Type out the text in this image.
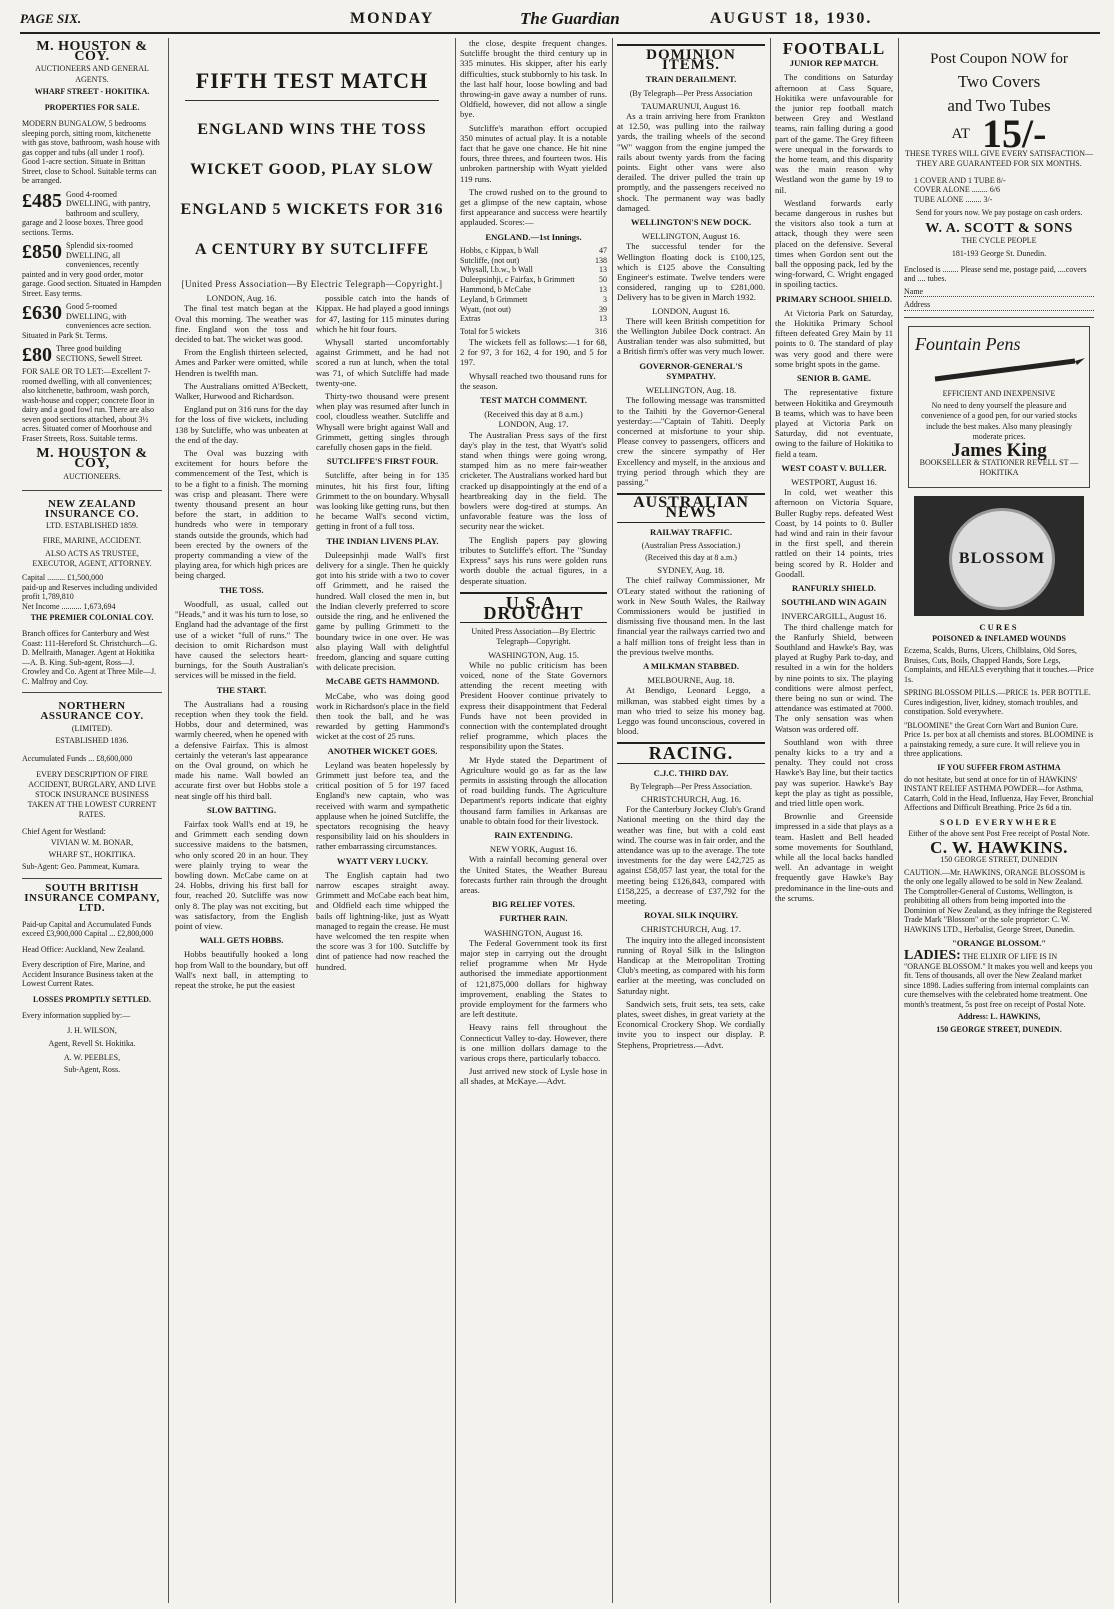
PAGE SIX.	MONDAY	The Guardian	AUGUST 18, 1930.
M. HOUSTON & COY.
AUCTIONEERS AND GENERAL AGENTS.
WHARF STREET - HOKITIKA.
PROPERTIES FOR SALE.
MODERN BUNGALOW, 5 bedrooms sleeping porch, sitting room, kitchenette with gas stove, bathroom, wash house with gas copper and tubs (all under 1 roof). Good 1-acre section. Situate in Brittan Street, close to School. Suitable terms can be arranged.
£485 Good 4-roomed DWELLING, with pantry, bathroom and scullery, garage and 2 loose boxes. Three good sections. Terms.
£850 Splendid six-roomed DWELLING, all conveniences, recently painted and in very good order, motor garage. Good section. Situated in Hampden Street. Easy terms.
£630 Good 5-roomed DWELLING, with conveniences acre section. Situated in Park St. Terms.
£80 Three good building SECTIONS, Sewell Street.
FOR SALE OR TO LET:—Excellent 7-roomed dwelling, with all conveniences; also kitchenette, bathroom, wash porch, wash-house and copper; concrete floor in dairy and a good fowl run. There are also seven good sections attached, about 3½ acres. Situated corner of Moorhouse and Fraser Streets, Ross. Suitable terms.
M. HOUSTON & COY,
AUCTIONEERS.
NEW ZEALAND INSURANCE CO.
LTD. ESTABLISHED 1859.
FIRE, MARINE, ACCIDENT.
ALSO ACTS AS TRUSTEE, EXECUTOR, AGENT, ATTORNEY.
Capital ......... £1,500,000
paid-up and Reserves including undivided profit 1,789,810
Net Income .......... 1,673,694
THE PREMIER COLONIAL COY.
Branch offices for Canterbury and West Coast: 111-Hereford St. Christchurch—G. D. Mellraith, Manager. Agent at Hokitika—A. B. King. Sub-agent, Ross—J. Crowley and Co. Agent at Three Mile—J. C. Malfroy and Coy.
NORTHERN ASSURANCE COY.
(LIMITED).
ESTABLISHED 1836.
Accumulated Funds ... £8,600,000
EVERY DESCRIPTION OF FIRE ACCIDENT, BURGLARY, AND LIVE STOCK INSURANCE BUSINESS TAKEN AT THE LOWEST CURRENT RATES.
Chief Agent for Westland:
VIVIAN W. M. BONAR,
WHARF ST., HOKITIKA.
Sub-Agent: Geo. Pammeat, Kumara.
SOUTH BRITISH INSURANCE COMPANY, LTD.
Paid-up Capital and Accumulated Funds exceed £3,900,000 Capital ... £2,800,000
Head Office: Auckland, New Zealand.
Every description of Fire, Marine, and Accident Insurance Business taken at the Lowest Current Rates.
LOSSES PROMPTLY SETTLED.
Every information supplied by:—
J. H. WILSON,
Agent, Revell St. Hokitika.
A. W. PEEBLES,
Sub-Agent, Ross.
FIFTH TEST MATCH
ENGLAND WINS THE TOSS
WICKET GOOD, PLAY SLOW
ENGLAND 5 WICKETS FOR 316
A CENTURY BY SUTCLIFFE
[United Press Association—By Electric Telegraph—Copyright.]
LONDON, Aug. 16.

The final test match began at the Oval this morning. The weather was fine. England won the toss and decided to bat. The wicket was good.

From the English thirteen selected, Ames and Parker were omitted, while Hendren is twelfth man.

The Australians omitted A'Beckett, Walker, Hurwood and Richardson.

England put on 316 runs for the day for the loss of five wickets, including 138 by Sutcliffe, who was unbeaten at the end of the day.

The Oval was buzzing with excitement for hours before the commencement of the Test, which is to be a fight to a finish. The morning was crisp and pleasant. There were twenty thousand present an hour before the start, in addition to hundreds who were in temporary stands outside the grounds, which had been erected by the owners of the property commanding a view of the playing area, for which high prices are being charged.

THE TOSS.

Woodfull, as usual, called out "Heads," and it was his turn to lose, so England had the advantage of the first use of a wicket "full of runs." The decision to omit Richardson must have caused the selectors heart-burnings, for the South Australian's services will be missed in the field.

THE START.

The Australians had a rousing reception when they took the field. Hobbs, dour and determined, was warmly cheered, when he opened with a defensive Fairfax. This is almost certainly the veteran's last appearance on the Oval ground, on which he made his name. Wall bowled an accurate first over but Hobbs stole a neat single off his third ball.

SLOW BATTING.

Fairfax took Wall's end at 19, he and Grimmett each sending down successive maidens to the batsmen, who only scored 20 in an hour. They were plainly trying to wear the bowling down. McCabe came on at 24. Hobbs, driving his first ball for four, reached 20. Sutcliffe was now only 8. The play was not exciting, but was satisfactory, from the English point of view.

WALL GETS HOBBS.

Hobbs beautifully hooked a long hop from Wall to the boundary, but off Wall's next ball, in attempting to repeat the stroke, he put the easiest

possible catch into the hands of Kippax. He had played a good innings for 47, lasting for 115 minutes during which he hit four fours.

Whysall started uncomfortably against Grimmett, and he had not scored a run at lunch, when the total was 71, of which Sutcliffe had made twenty-one.

Thirty-two thousand were present when play was resumed after lunch in cool, cloudless weather. Sutcliffe and Whysall were bright against Wall and Grimmett, getting singles through carefully chosen gaps in the field.

SUTCLIFFE'S FIRST FOUR.

Sutcliffe, after being in for 135 minutes, hit his first four, lifting Grimmett to the on boundary. Whysall was looking like getting runs, but then he became Wall's second victim, getting in front of a full toss.

THE INDIAN LIVENS PLAY.

Duleepsinhji made Wall's first delivery for a single. Then he quickly got into his stride with a two to cover off Grimmett, and he raised the hundred. Wall closed the men in, but the Indian cleverly preferred to score outside the ring, and he enlivened the game by pulling Grimmett to the boundary twice in one over. He was also playing Wall with delightful freedom, glancing and square cutting with delicate precision.

McCABE GETS HAMMOND.

McCabe, who was doing good work in Richardson's place in the field then took the ball, and he was rewarded by getting Hammond's wicket at the cost of 25 runs.

ANOTHER WICKET GOES.

Leyland was beaten hopelessly by Grimmett just before tea, and the critical position of 5 for 197 faced England's new captain, who was received with warm and sympathetic applause when he joined Sutcliffe, the spectators recognising the heavy responsibility laid on his shoulders in rather embarrassing circumstances.

WYATT VERY LUCKY.

The English captain had two narrow escapes straight away. Grimmett and McCabe each beat him, and Oldfield each time whipped the bails off lightning-like, just as Wyatt managed to regain the crease. He must have welcomed the ten respite when the score was 3 for 100. Sutcliffe by dint of patience had now reached the hundred.

the close, despite frequent changes. Sutcliffe brought the third century up in 335 minutes. His skipper, after his early difficulties, stuck stubbornly to his task. In the last half hour, loose bowling and bad throwing-in gave away a number of runs. Oldfield, however, did not allow a single bye.

Sutcliffe's marathon effort occupied 350 minutes of actual play. It is a notable fact that he gave one chance. He hit nine fours, three threes, and fourteen twos. His unbroken partnership with Wyatt yielded 119 runs.

The crowd rushed on to the ground to get a glimpse of the new captain, whose first appearance and success were heartily applauded. Scores:—

ENGLAND.—1st Innings.
Hobbs, c Kippax, b Wall	47
Sutcliffe, (not out)	138
Whysall, l.b.w., b Wall	13
Duleepsinhji, c Fairfax, b Grimmett	50
Hammond, b McCabe	13
Leyland, b Grimmett	3
Wyatt, (not out)	39
Extras	13
Total for 5 wickets	316

The wickets fell as follows:—1 for 68, 2 for 97, 3 for 162, 4 for 190, and 5 for 197.

Whysall reached two thousand runs for the season.

TEST MATCH COMMENT.
(Received this day at 8 a.m.)
LONDON, Aug. 17.

The Australian Press says of the first day's play in the test, that Wyatt's solid stand when things were going wrong, stamped him as no mere fair-weather cricketer. The Australians worked hard but cracked up disappointingly at the end of a heartbreaking day in the field. The bowlers were dog-tired at stumps. An unfavorable feature was the loss of security near the wicket.

The English papers pay glowing tributes to Sutcliffe's effort. The "Sunday Express" says his runs were golden runs worth double the actual figures, in a desperate situation.

U.S.A. DROUGHT
United Press Association—By Electric Telegraph—Copyright.
WASHINGTON, Aug. 15.

While no public criticism has been voiced, none of the State Governors attending the recent meeting with President Hoover continue privately to express their disappointment that Federal Funds have not been provided in connection with the contemplated drought relief programme, which places the responsibility upon the States.

Mr Hyde stated the Department of Agriculture would go as far as the law permits in assisting through the allocation of road building funds. The Agriculture Department's reports indicate that eighty thousand farm families in Arkansas are unable to obtain food for their livestock.

RAIN EXTENDING.
NEW YORK, August 16.

With a rainfall becoming general over the United States, the Weather Bureau forecasts further rain through the drought areas.

BIG RELIEF VOTES.
FURTHER RAIN.
WASHINGTON, August 16.

The Federal Government took its first major step in carrying out the drought relief programme when Mr Hyde authorised the immediate apportionment of 121,875,000 dollars for highway improvement, enabling the States to provide employment for the farmers who are left destitute.

Heavy rains fell throughout the Connecticut Valley to-day. However, there is one million dollars damage to the various crops there, particularly tobacco.

Just arrived new stock of Lysle hose in all shades, at McKaye.—Advt.

DOMINION ITEMS.
TRAIN DERAILMENT.
(By Telegraph—Per Press Association
TAUMARUNUI, August 16.

As a train arriving here from Frankton at 12.50, was pulling into the railway yards, the trailing wheels of the second "W" waggon from the engine jumped the rails about twenty yards from the facing points. Eight other vans were also derailed. The driver pulled the train up promptly, and the passengers received no shock. The permanent way was badly damaged.

WELLINGTON'S NEW DOCK.
WELLINGTON, August 16.

The successful tender for the Wellington floating dock is £100,125, which is £125 above the Consulting Engineer's estimate. Twelve tenders were considered, ranging up to £281,000. Delivery has to be given in March 1932.

LONDON, August 16.

There will keen British competition for the Wellington Jubilee Dock contract. An Australian tender was also submitted, but a British firm's offer was very much lower.

GOVERNOR-GENERAL'S SYMPATHY.
WELLINGTON, Aug. 18.

The following message was transmitted to the Taihiti by the Governor-General yesterday:—"Captain of Tahiti. Deeply concerned at misfortune to your ship. Please convey to passengers, officers and crew the sincere sympathy of Her Excellency and myself, in the anxious and trying period through which they are passing."

AUSTRALIAN NEWS
RAILWAY TRAFFIC.
(Australian Press Association.)
(Received this day at 8 a.m.)
SYDNEY, Aug. 18.

The chief railway Commissioner, Mr O'Leary stated without the rationing of work in New South Wales, the Railway Commissioners would be justified in dismissing five thousand men. In the last financial year the railways carried two and a half million tons of freight less than in the previous twelve months.

A MILKMAN STABBED.
MELBOURNE, Aug. 18.

At Bendigo, Leonard Leggo, a milkman, was stabbed eight times by a man who tried to seize his money bag. Leggo was found unconscious, covered in blood.

RACING.
C.J.C. THIRD DAY.
By Telegraph—Per Press Association.
CHRISTCHURCH, Aug. 16.

For the Canterbury Jockey Club's Grand National meeting on the third day the weather was fine, but with a cold east wind. The course was in fair order, and the attendance was up to the average. The tote investments for the day were £42,725 as against £58,057 last year, the total for the meeting being £126,843, compared with £158,225, a decrease of £37,792 for the meeting.

ROYAL SILK INQUIRY.
CHRISTCHURCH, Aug. 17.

The inquiry into the alleged inconsistent running of Royal Silk in the Islington Handicap at the Metropolitan Trotting Club's meeting, as compared with his form earlier at the meeting, was concluded on Saturday night.

Sandwich sets, fruit sets, tea sets, cake plates, sweet dishes, in great variety at the Economical Crockery Shop. We cordially invite you to inspect our display. P. Stephens, Proprietress.—Advt.

FOOTBALL
JUNIOR REP MATCH.

The conditions on Saturday afternoon at Cass Square, Hokitika were unfavourable for the junior rep football match between Grey and Westland teams, rain falling during a good part of the game. The Grey fifteen were unequal in the forwards to the home team, and this disparity was the main reason why Westland won the game by 19 to nil.

Westland forwards early became dangerous in rushes but the visitors also took a turn at attack, though they were seen placed on the defensive. Several times when Gordon sent out the ball the opposing pack, led by the wing-forward, C. Wright engaged in spoiling tactics.

PRIMARY SCHOOL SHIELD.

At Victoria Park on Saturday, the Hokitika Primary School fifteen defeated Grey Main by 11 points to 0. The standard of play was very good and there were some bright spots in the game.

SENIOR B. GAME.

The representative fixture between Hokitika and Greymouth B teams, which was to have been played at Victoria Park on Saturday, did not eventuate, owing to the failure of Hokitika to field a team.

WEST COAST V. BULLER.
WESTPORT, August 16.

In cold, wet weather this afternoon on Victoria Square, Buller Rugby reps. defeated West Coast, by 14 points to 0. Buller had wind and rain in their favour in the first spell, and therein rattled on their 14 points, tries being scored by R. Holder and Goodall.

RANFURLY SHIELD.
SOUTHLAND WIN AGAIN
INVERCARGILL, August 16.

The third challenge match for the Ranfurly Shield, between Southland and Hawke's Bay, was played at Rugby Park to-day, and resulted in a win for the holders by nine points to six. The playing conditions were almost perfect, there being no sun or wind. The attendance was estimated at 7000. The only sensation was when Watson was ordered off.

Southland won with three penalty kicks to a try and a penalty. They could not cross Hawke's Bay line, but their tactics pay was superior. Hawke's Bay kept the play as tight as possible, and tried little open work.

Brownlie and Greenside impressed in a side that plays as a team. Haslett and Bell headed some movements for Southland, while all the local backs handled well. An advantage in weight frequently gave Hawke's Bay predominance in the line-outs and the scrums.

Post Coupon NOW for
Two Covers
and Two Tubes
AT 15/-
THESE TYRES WILL GIVE EVERY SATISFACTION—THEY ARE GUARANTEED FOR SIX MONTHS.
1 COVER AND 1 TUBE 8/-
COVER ALONE ........ 6/6
TUBE ALONE ........ 3/-
Send for yours now. We pay postage on cash orders.
W. A. SCOTT & SONS
THE CYCLE PEOPLE
181-193 George St. Dunedin.
Enclosed is ........ Please send me, postage paid, ....covers and .... tubes.
Name
Address
Fountain Pens
EFFICIENT AND INEXPENSIVE
No need to deny yourself the pleasure and convenience of a good pen, for our varied stocks include the best makes. Also many pleasingly moderate prices.
James King
BOOKSELLER & STATIONER REVELL ST — HOKITIKA
BLOSSOM
CURES
POISONED & INFLAMED WOUNDS
Eczema, Scalds, Burns, Ulcers, Chilblains, Old Sores, Bruises, Cuts, Boils, Chapped Hands, Sore Legs, Complaints, and HEALS everything that it touches.—Price 1s.
SPRING BLOSSOM PILLS.—PRICE 1s. PER BOTTLE. Cures indigestion, liver, kidney, stomach troubles, and constipation. Sold everywhere.
"BLOOMINE" the Great Corn Wart and Bunion Cure. Price 1s. per box at all chemists and stores. BLOOMINE is a painstaking remedy, a sure cure. It will relieve you in three applications.
IF YOU SUFFER FROM ASTHMA
do not hesitate, but send at once for tin of HAWKINS' INSTANT RELIEF ASTHMA POWDER—for Asthma, Catarrh, Cold in the Head, Influenza, Hay Fever, Bronchial Affections and Difficult Breathing. Price 2s 6d a tin.
SOLD EVERYWHERE
Either of the above sent Post Free receipt of Postal Note.
C. W. HAWKINS.
150 GEORGE STREET, DUNEDIN
CAUTION.—Mr. HAWKINS, ORANGE BLOSSOM is the only one legally allowed to be sold in New Zealand. The Comptroller-General of Customs, Wellington, is prohibiting all others from being imported into the Dominion of New Zealand, as they infringe the Registered Trade Mark "Blossom" or the sole proprietor: C. W. HAWKINS LTD., Herbalist, George Street, Dunedin.
"ORANGE BLOSSOM."
LADIES: THE ELIXIR OF LIFE IS IN "ORANGE BLOSSOM." It makes you well and keeps you fit. Tens of thousands, all over the New Zealand market since 1898. Ladies suffering from internal complaints can cure themselves with the celebrated home treatment. One month's treatment, 5s post free on receipt of Postal Note.
Address: L. HAWKINS,
150 GEORGE STREET, DUNEDIN.
